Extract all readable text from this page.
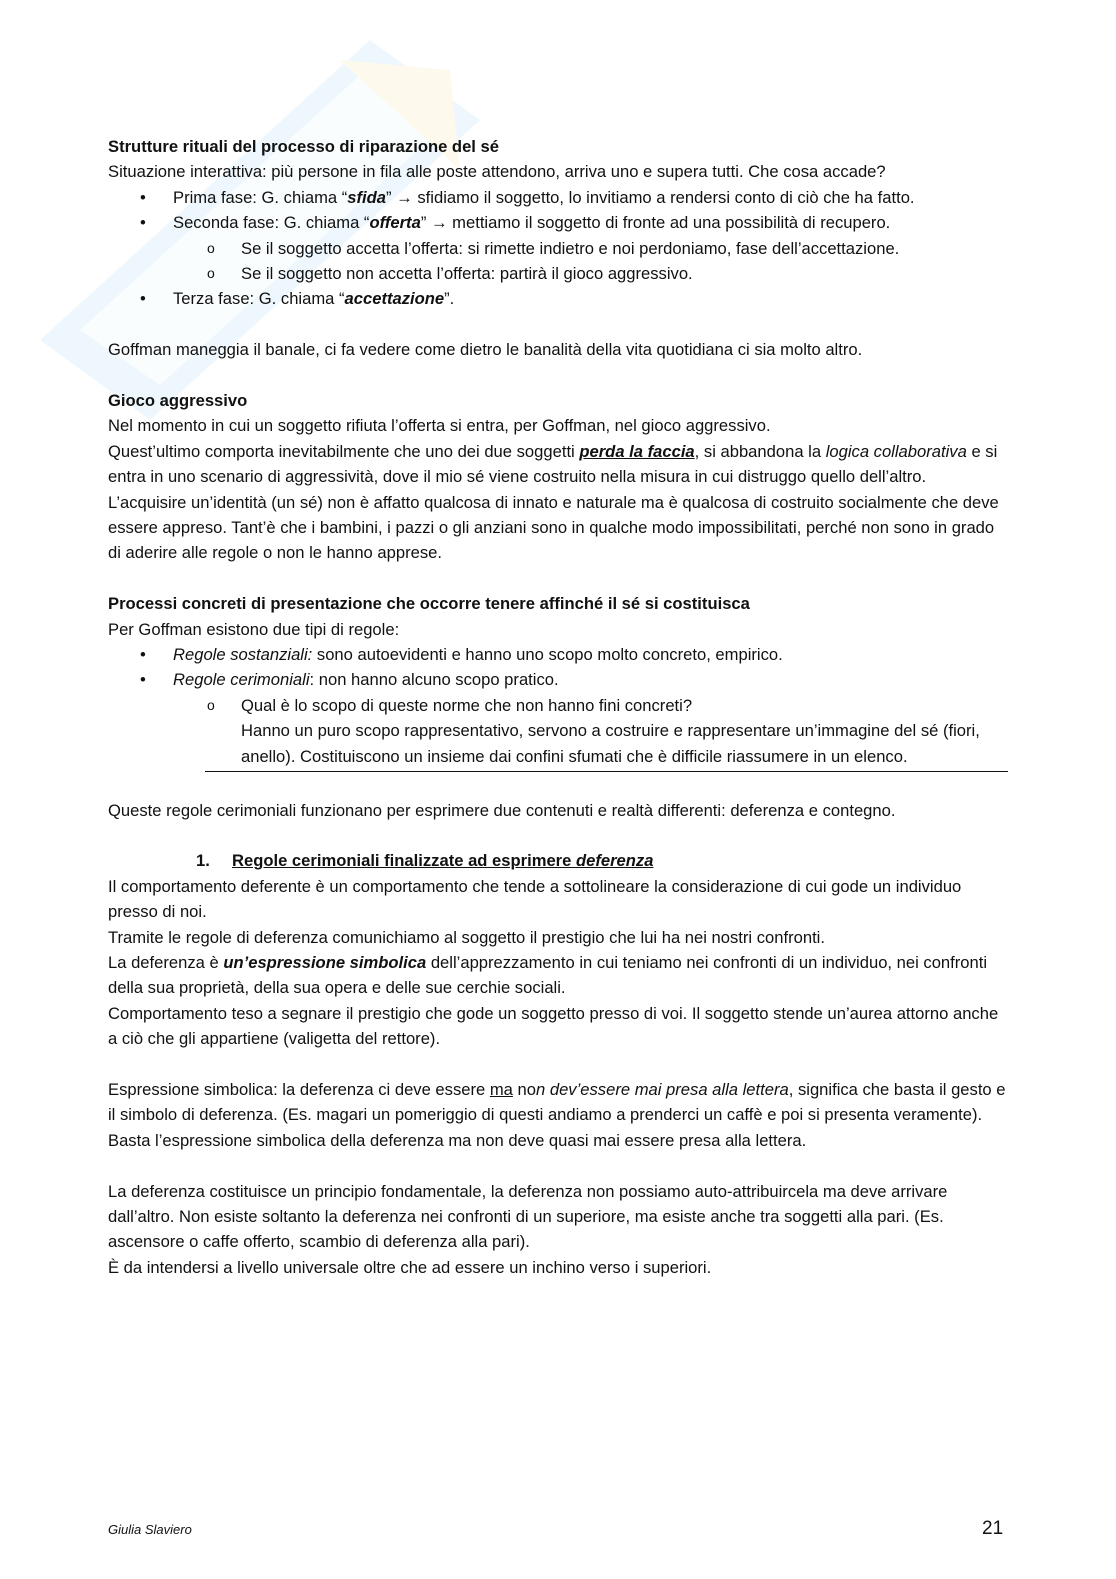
Strutture rituali del processo di riparazione del sé

Situazione interattiva: più persone in fila alle poste attendono, arriva uno e supera tutti. Che cosa accade?

• Prima fase: G. chiama “sfida” → sfidiamo il soggetto, lo invitiamo a rendersi conto di ciò che ha fatto.
• Seconda fase: G. chiama “offerta” → mettiamo il soggetto di fronte ad una possibilità di recupero.
o Se il soggetto accetta l’offerta: si rimette indietro e noi perdoniamo, fase dell’accettazione.
o Se il soggetto non accetta l’offerta: partirà il gioco aggressivo.
• Terza fase: G. chiama “accettazione”.

Goffman maneggia il banale, ci fa vedere come dietro le banalità della vita quotidiana ci sia molto altro.

Gioco aggressivo

Nel momento in cui un soggetto rifiuta l’offerta si entra, per Goffman, nel gioco aggressivo.

Quest’ultimo comporta inevitabilmente che uno dei due soggetti perda la faccia, si abbandona la logica collaborativa e si entra in uno scenario di aggressività, dove il mio sé viene costruito nella misura in cui distruggo quello dell’altro.

L’acquisire un’identità (un sé) non è affatto qualcosa di innato e naturale ma è qualcosa di costruito socialmente che deve essere appreso. Tant’è che i bambini, i pazzi o gli anziani sono in qualche modo impossibilitati, perché non sono in grado di aderire alle regole o non le hanno apprese.

Processi concreti di presentazione che occorre tenere affinché il sé si costituisca

Per Goffman esistono due tipi di regole:

• Regole sostanziali: sono autoevidenti e hanno uno scopo molto concreto, empirico.
• Regole cerimoniali: non hanno alcuno scopo pratico.
o Qual è lo scopo di queste norme che non hanno fini concreti?
Hanno un puro scopo rappresentativo, servono a costruire e rappresentare un’immagine del sé (fiori, anello). Costituiscono un insieme dai confini sfumati che è difficile riassumere in un elenco.

Queste regole cerimoniali funzionano per esprimere due contenuti e realtà differenti: deferenza e contegno.

1. Regole cerimoniali finalizzate ad esprimere deferenza

Il comportamento deferente è un comportamento che tende a sottolineare la considerazione di cui gode un individuo presso di noi.

Tramite le regole di deferenza comunichiamo al soggetto il prestigio che lui ha nei nostri confronti.

La deferenza è un’espressione simbolica dell’apprezzamento in cui teniamo nei confronti di un individuo, nei confronti della sua proprietà, della sua opera e delle sue cerchie sociali.

Comportamento teso a segnare il prestigio che gode un soggetto presso di voi. Il soggetto stende un’aurea attorno anche a ciò che gli appartiene (valigetta del rettore).

Espressione simbolica: la deferenza ci deve essere ma non dev’essere mai presa alla lettera, significa che basta il gesto e il simbolo di deferenza. (Es. magari un pomeriggio di questi andiamo a prenderci un caffè e poi si presenta veramente).

Basta l’espressione simbolica della deferenza ma non deve quasi mai essere presa alla lettera.

La deferenza costituisce un principio fondamentale, la deferenza non possiamo auto-attribuircela ma deve arrivare dall’altro. Non esiste soltanto la deferenza nei confronti di un superiore, ma esiste anche tra soggetti alla pari. (Es. ascensore o caffe offerto, scambio di deferenza alla pari).

È da intendersi a livello universale oltre che ad essere un inchino verso i superiori.

Giulia Slaviero	21
